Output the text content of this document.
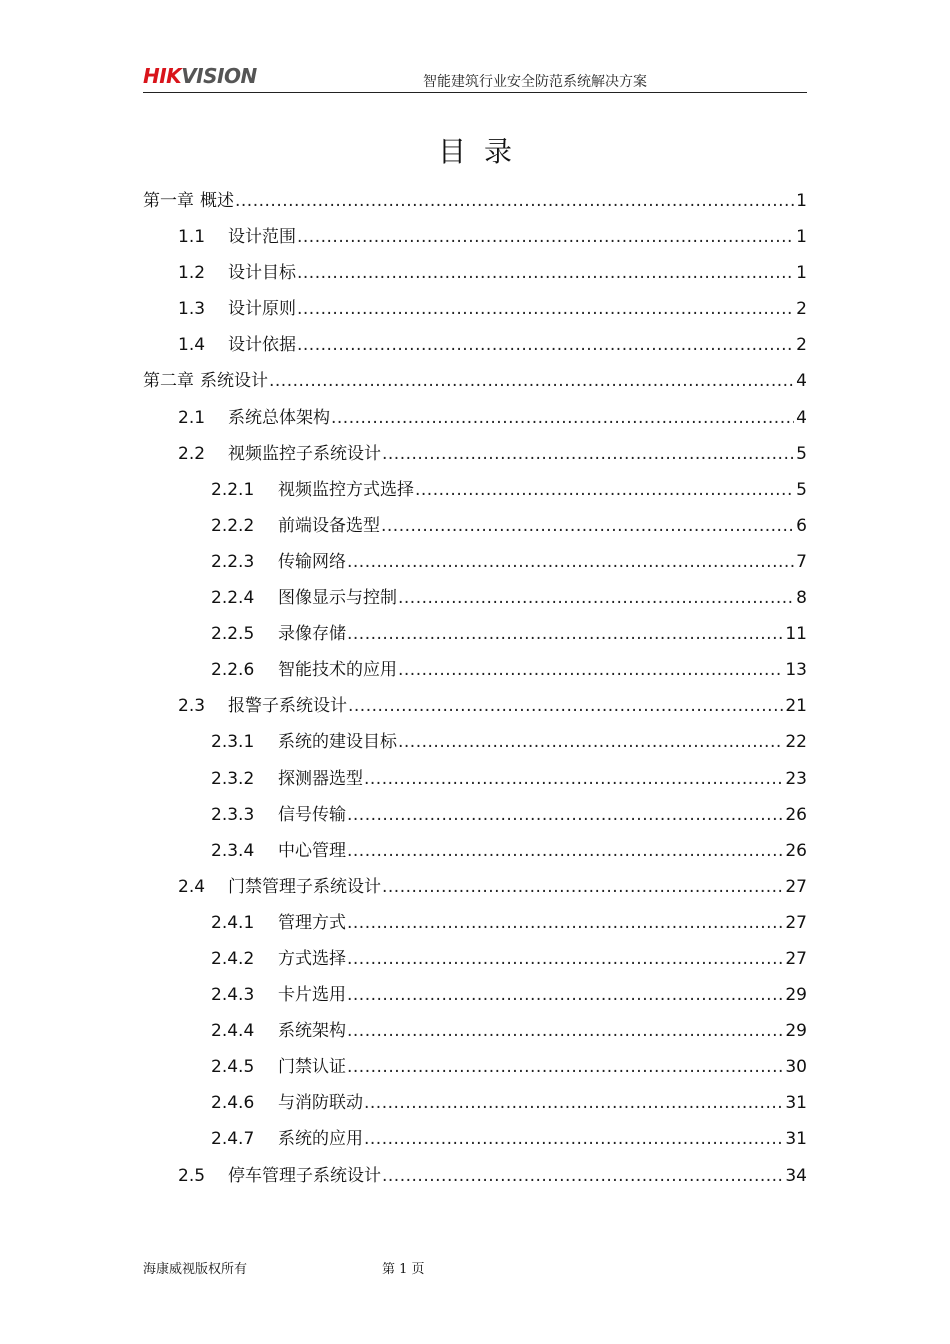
HIKVISION	智能建筑行业安全防范系统解决方案
目录
第一章 概述 .....	1
1.1	设计范围 .....	1
1.2	设计目标 .....	1
1.3	设计原则 .....	2
1.4	设计依据 .....	2
第二章 系统设计 .....	4
2.1	系统总体架构 .....	4
2.2	视频监控子系统设计 .....	5
2.2.1	视频监控方式选择 .....	5
2.2.2	前端设备选型 .....	6
2.2.3	传输网络 .....	7
2.2.4	图像显示与控制 .....	8
2.2.5	录像存储 .....	11
2.2.6	智能技术的应用 .....	13
2.3	报警子系统设计 .....	21
2.3.1	系统的建设目标 .....	22
2.3.2	探测器选型 .....	23
2.3.3	信号传输 .....	26
2.3.4	中心管理 .....	26
2.4	门禁管理子系统设计 .....	27
2.4.1	管理方式 .....	27
2.4.2	方式选择 .....	27
2.4.3	卡片选用 .....	29
2.4.4	系统架构 .....	29
2.4.5	门禁认证 .....	30
2.4.6	与消防联动 .....	31
2.4.7	系统的应用 .....	31
2.5	停车管理子系统设计 .....	34
海康威视版权所有	第 1 页
